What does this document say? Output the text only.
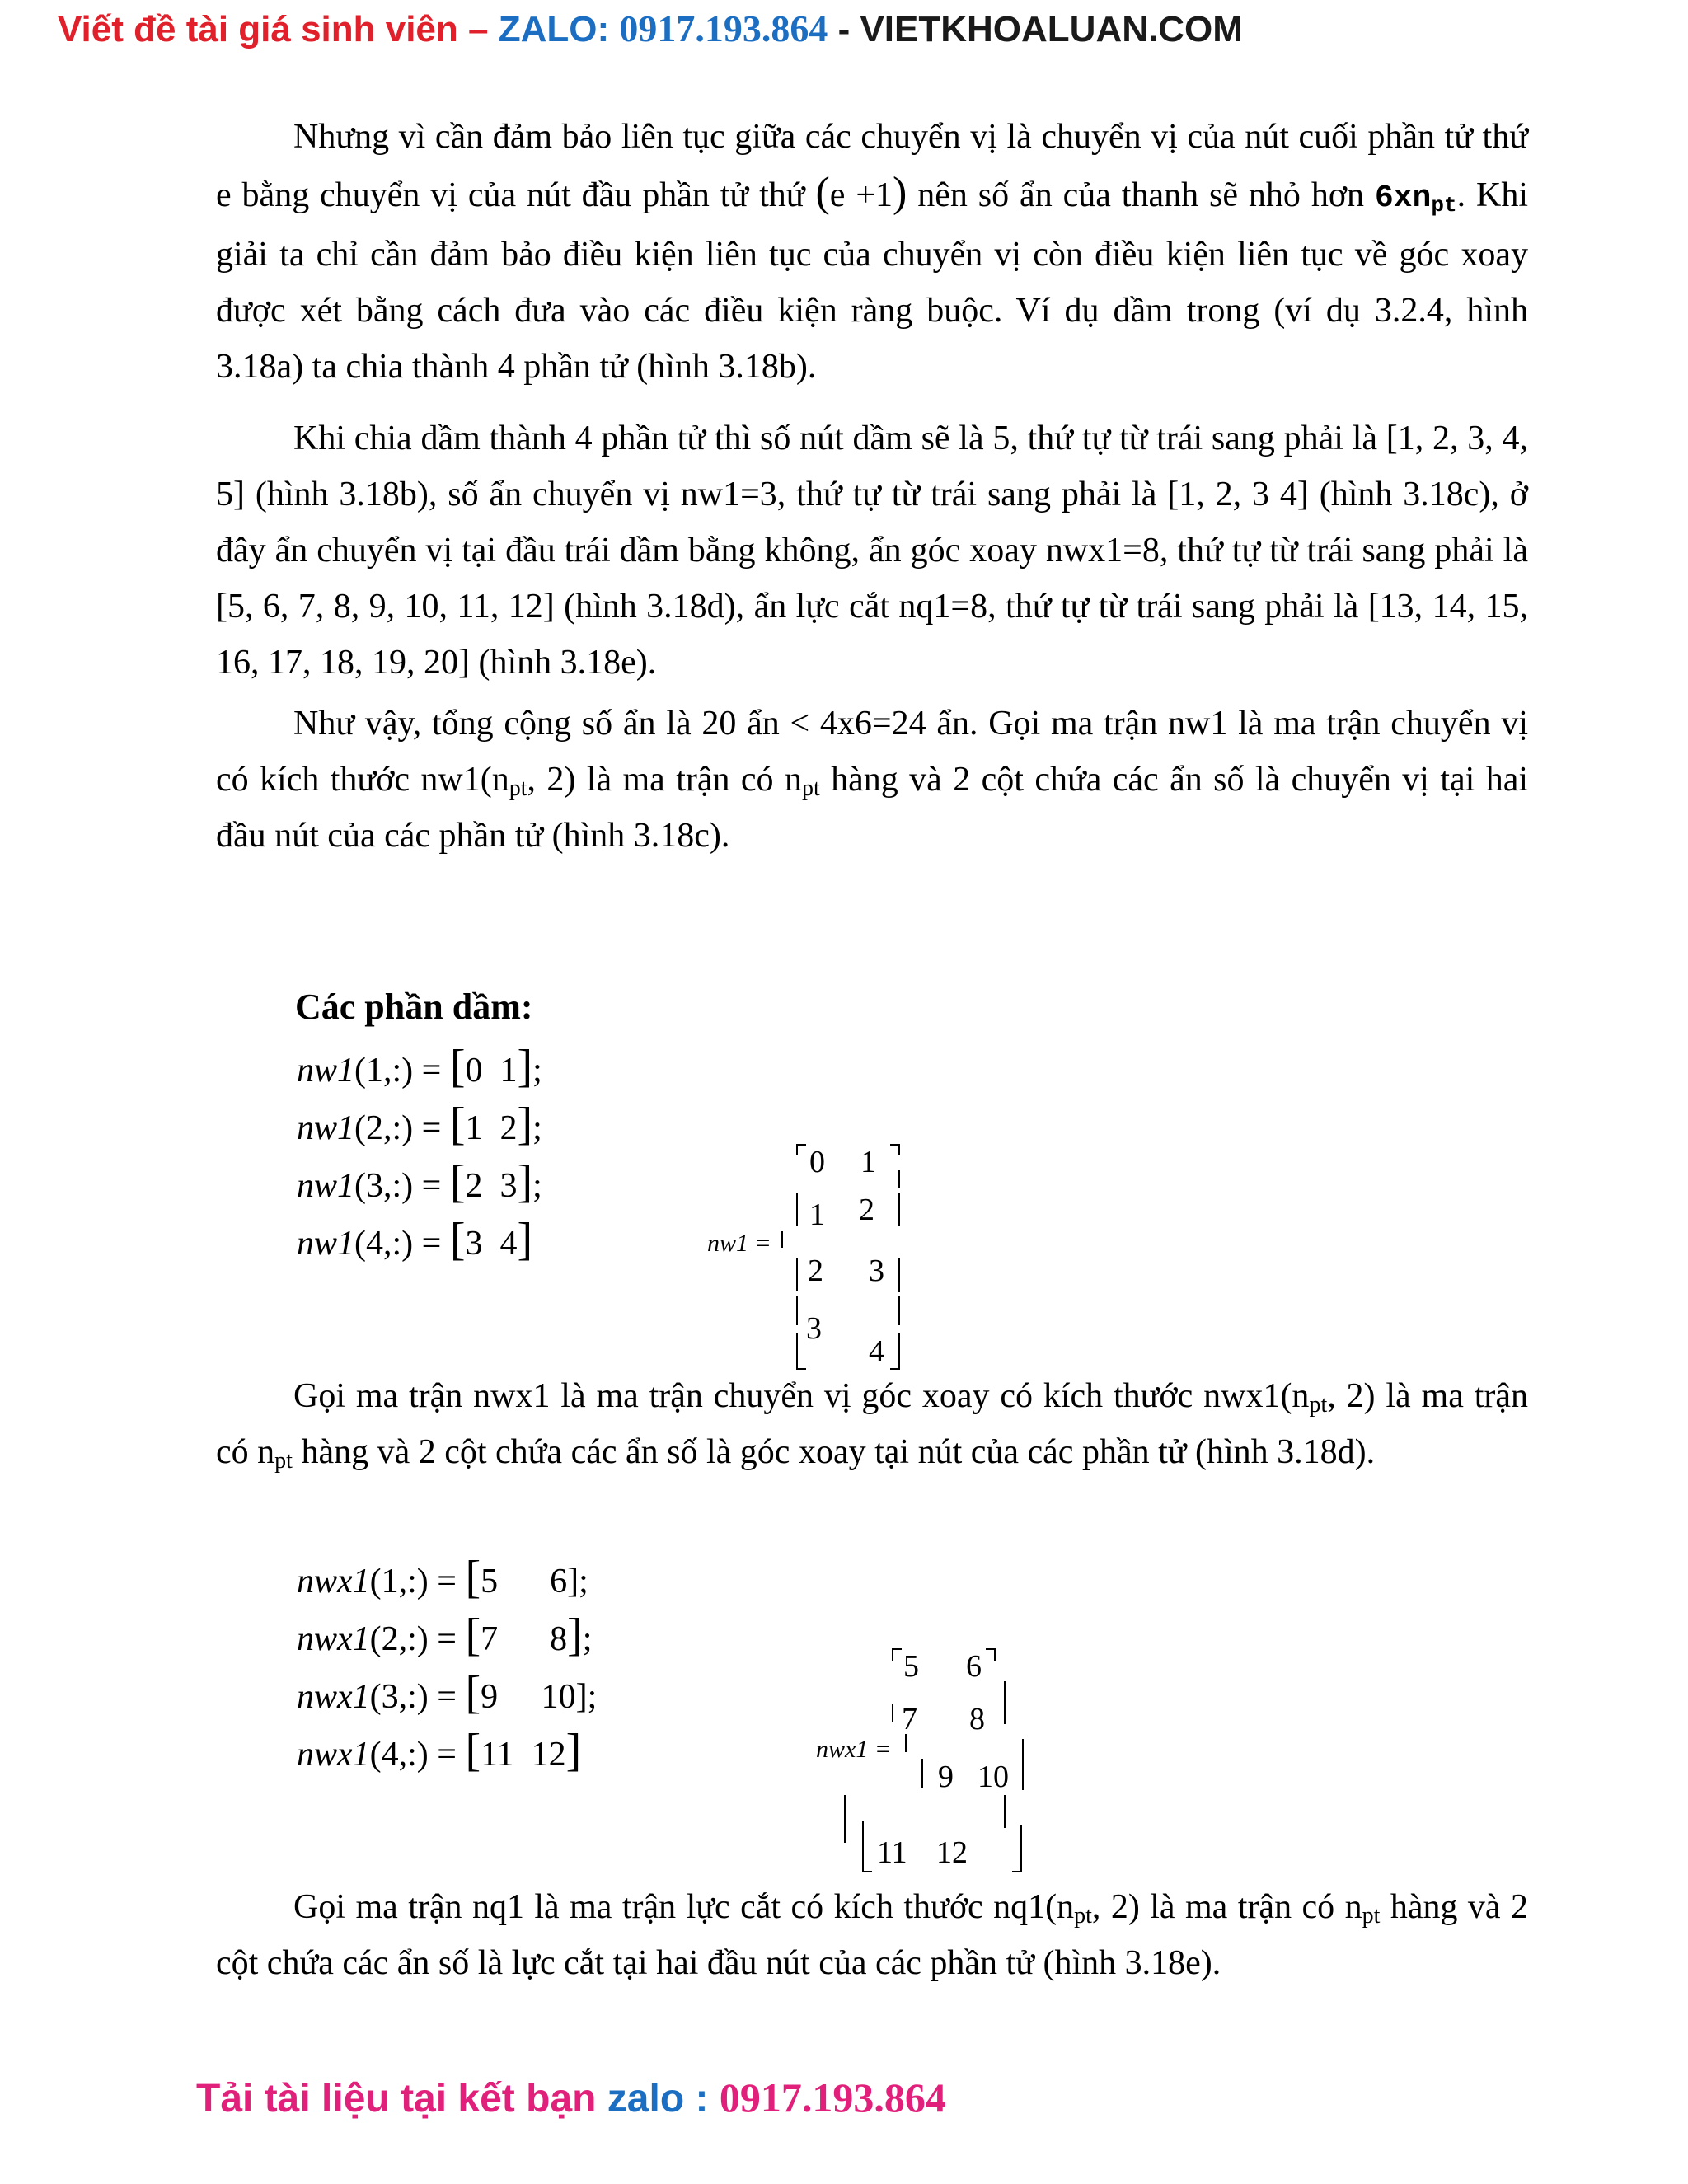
Viết đề tài giá sinh viên – ZALO: 0917.193.864 - VIETKHOALUAN.COM
Nhưng vì cần đảm bảo liên tục giữa các chuyển vị là chuyển vị của nút cuối phần tử thứ e bằng chuyển vị của nút đầu phần tử thứ (e +1) nên số ẩn của thanh sẽ nhỏ hơn $6xn_{pt}$. Khi giải ta chỉ cần đảm bảo điều kiện liên tục của chuyển vị còn điều kiện liên tục về góc xoay được xét bằng cách đưa vào các điều kiện ràng buộc. Ví dụ dầm trong (ví dụ 3.2.4, hình 3.18a) ta chia thành 4 phần tử (hình 3.18b).
Khi chia dầm thành 4 phần tử thì số nút dầm sẽ là 5, thứ tự từ trái sang phải là [1, 2, 3, 4, 5] (hình 3.18b), số ẩn chuyển vị nw1=3, thứ tự từ trái sang phải là [1, 2, 3 4] (hình 3.18c), ở đây ẩn chuyển vị tại đầu trái dầm bằng không, ẩn góc xoay nwx1=8, thứ tự từ trái sang phải là [5, 6, 7, 8, 9, 10, 11, 12] (hình 3.18d), ẩn lực cắt nq1=8, thứ tự từ trái sang phải là [13, 14, 15, 16, 17, 18, 19, 20] (hình 3.18e).
Như vậy, tổng cộng số ẩn là 20 ẩn < 4x6=24 ẩn. Gọi ma trận nw1 là ma trận chuyển vị có kích thước $nw1(n_{pt}$, 2) là ma trận có $n_{pt}$ hàng và 2 cột chứa các ẩn số là chuyển vị tại hai đầu nút của các phần tử (hình 3.18c).
Các phần dầm:
nw1(1,:) = [0 1];
nw1(2,:) = [1 2];
nw1(3,:) = [2 3];
nw1(4,:) = [3 4]	nw1 =
0 1
1 2
2 3
3
4
Gọi ma trận nwx1 là ma trận chuyển vị góc xoay có kích thước $nwx1(n_{pt}$, 2) là ma trận có $n_{pt}$ hàng và 2 cột chứa các ẩn số là góc xoay tại nút của các phần tử (hình 3.18d).
nwx1(1,:) = [5 6];
nwx1(2,:) = [7 8];
nwx1(3,:) = [9 10];
nwx1(4,:) = [11 12]	nwx1 =
5 6
7 8
9 10
11 12
Gọi ma trận nq1 là ma trận lực cắt có kích thước $nq1(n_{pt}$, 2) là ma trận có $n_{pt}$ hàng và 2 cột chứa các ẩn số là lực cắt tại hai đầu nút của các phần tử (hình 3.18e).
Tải tài liệu tại kết bạn zalo : 0917.193.864
